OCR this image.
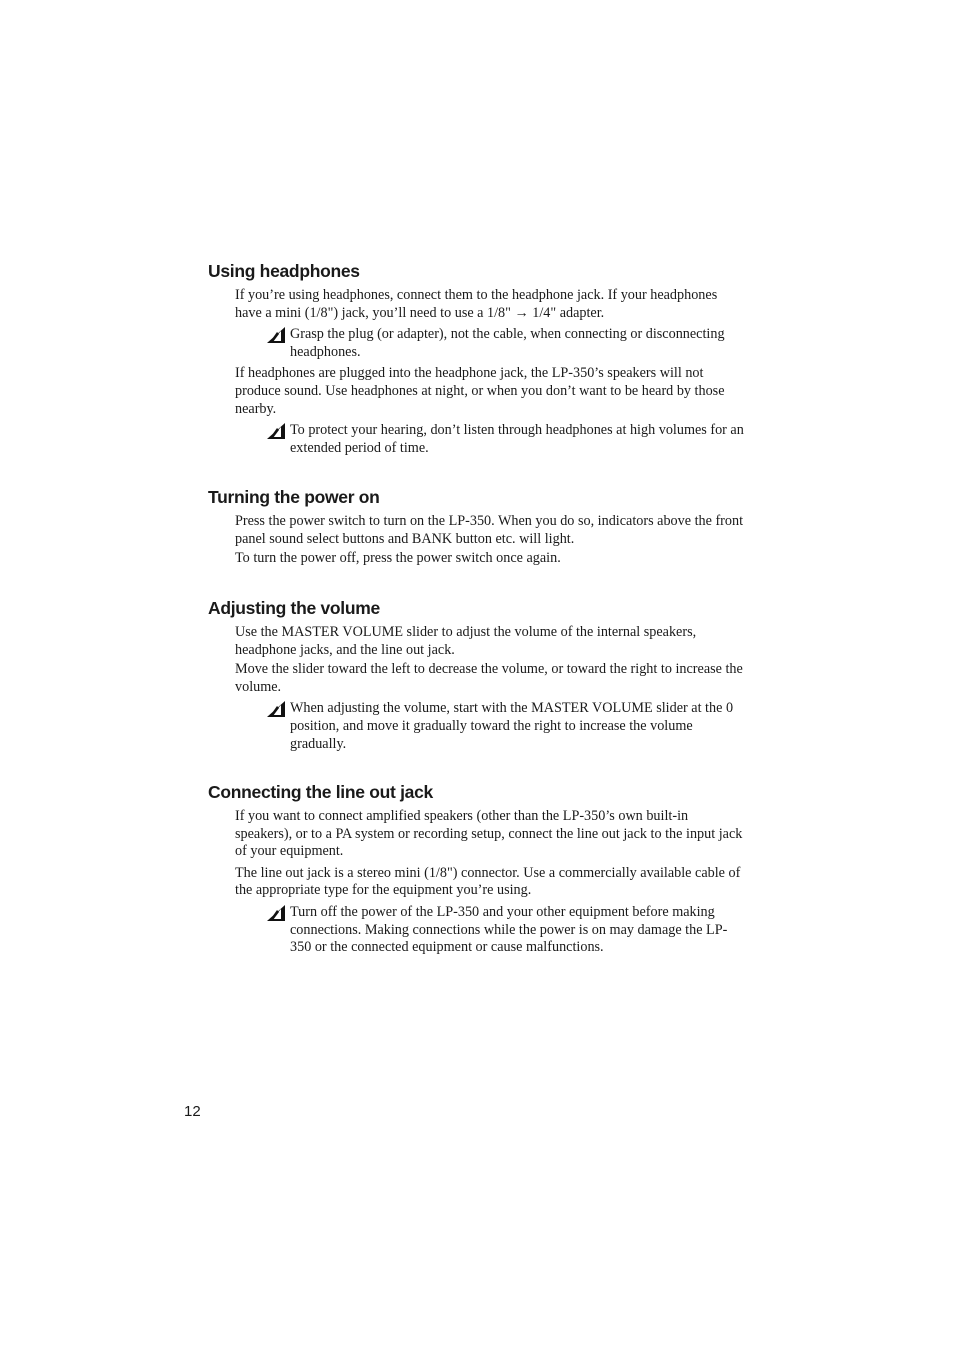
Using headphones

If you’re using headphones, connect them to the headphone jack. If your headphones have a mini (1/8") jack, you’ll need to use a 1/8" → 1/4" adapter.

Grasp the plug (or adapter), not the cable, when connecting or disconnecting headphones.

If headphones are plugged into the headphone jack, the LP-350’s speakers will not produce sound. Use headphones at night, or when you don’t want to be heard by those nearby.

To protect your hearing, don’t listen through headphones at high volumes for an extended period of time.
Turning the power on

Press the power switch to turn on the LP-350. When you do so, indicators above the front panel sound select buttons and BANK button etc. will light.

To turn the power off, press the power switch once again.

Adjusting the volume

Use the MASTER VOLUME slider to adjust the volume of the internal speakers, headphone jacks, and the line out jack.

Move the slider toward the left to decrease the volume, or toward the right to increase the volume.

When adjusting the volume, start with the MASTER VOLUME slider at the 0 position, and move it gradually toward the right to increase the volume gradually.
Connecting the line out jack

If you want to connect amplified speakers (other than the LP-350’s own built-in speakers), or to a PA system or recording setup, connect the line out jack to the input jack of your equipment.

The line out jack is a stereo mini (1/8") connector. Use a commercially available cable of the appropriate type for the equipment you’re using.

Turn off the power of the LP-350 and your other equipment before making connections. Making connections while the power is on may damage the LP-350 or the connected equipment or cause malfunctions.
12
